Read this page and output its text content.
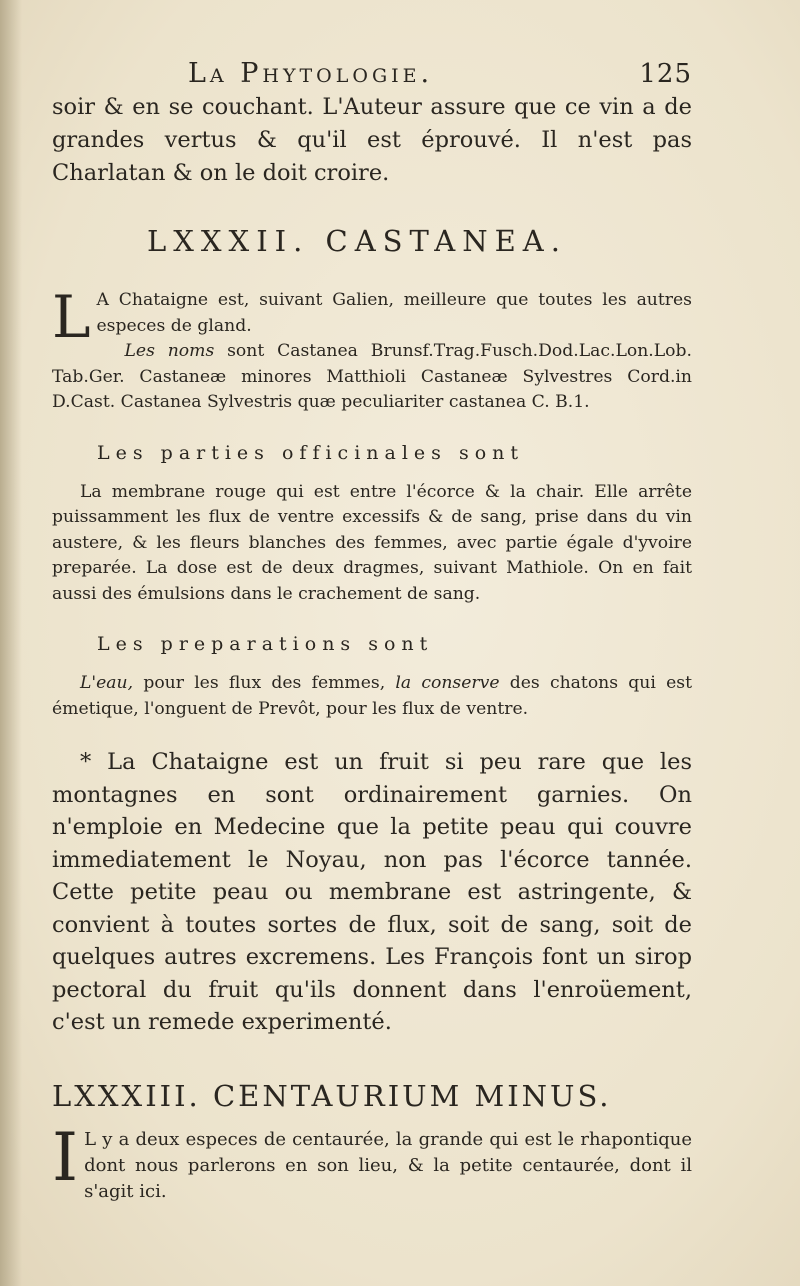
La Phytologie.	125

soir & en se couchant. L'Auteur assure que ce vin a de grandes vertus & qu'il est éprouvé. Il n'est pas Charlatan & on le doit croire.

LXXXII. CASTANEA.

L A Chataigne est, suivant Galien, meilleure que toutes les autres especes de gland.

Les noms sont Castanea Brunsf.Trag.Fusch.Dod.Lac.Lon.Lob. Tab.Ger. Castaneæ minores Matthioli Castaneæ Sylvestres Cord.in D.Cast. Castanea Sylvestris quæ peculiariter castanea C. B.1.

Les parties officinales sont

La membrane rouge qui est entre l'écorce & la chair. Elle arrête puissamment les flux de ventre excessifs & de sang, prise dans du vin austere, & les fleurs blanches des femmes, avec partie égale d'yvoire preparée. La dose est de deux dragmes, suivant Mathiole. On en fait aussi des émulsions dans le crachement de sang.

Les preparations sont

L'eau, pour les flux des femmes, la conserve des chatons qui est émetique, l'onguent de Prevôt, pour les flux de ventre.

* La Chataigne est un fruit si peu rare que les montagnes en sont ordinairement garnies. On n'emploie en Medecine que la petite peau qui couvre immediatement le Noyau, non pas l'écorce tannée. Cette petite peau ou membrane est astringente, & convient à toutes sortes de flux, soit de sang, soit de quelques autres excremens. Les François font un sirop pectoral du fruit qu'ils donnent dans l'enroüement, c'est un remede experimenté.

LXXXIII. CENTAURIUM MINUS.

I L y a deux especes de centaurée, la grande qui est le rhapontique dont nous parlerons en son lieu, & la petite centaurée, dont il s'agit ici.
